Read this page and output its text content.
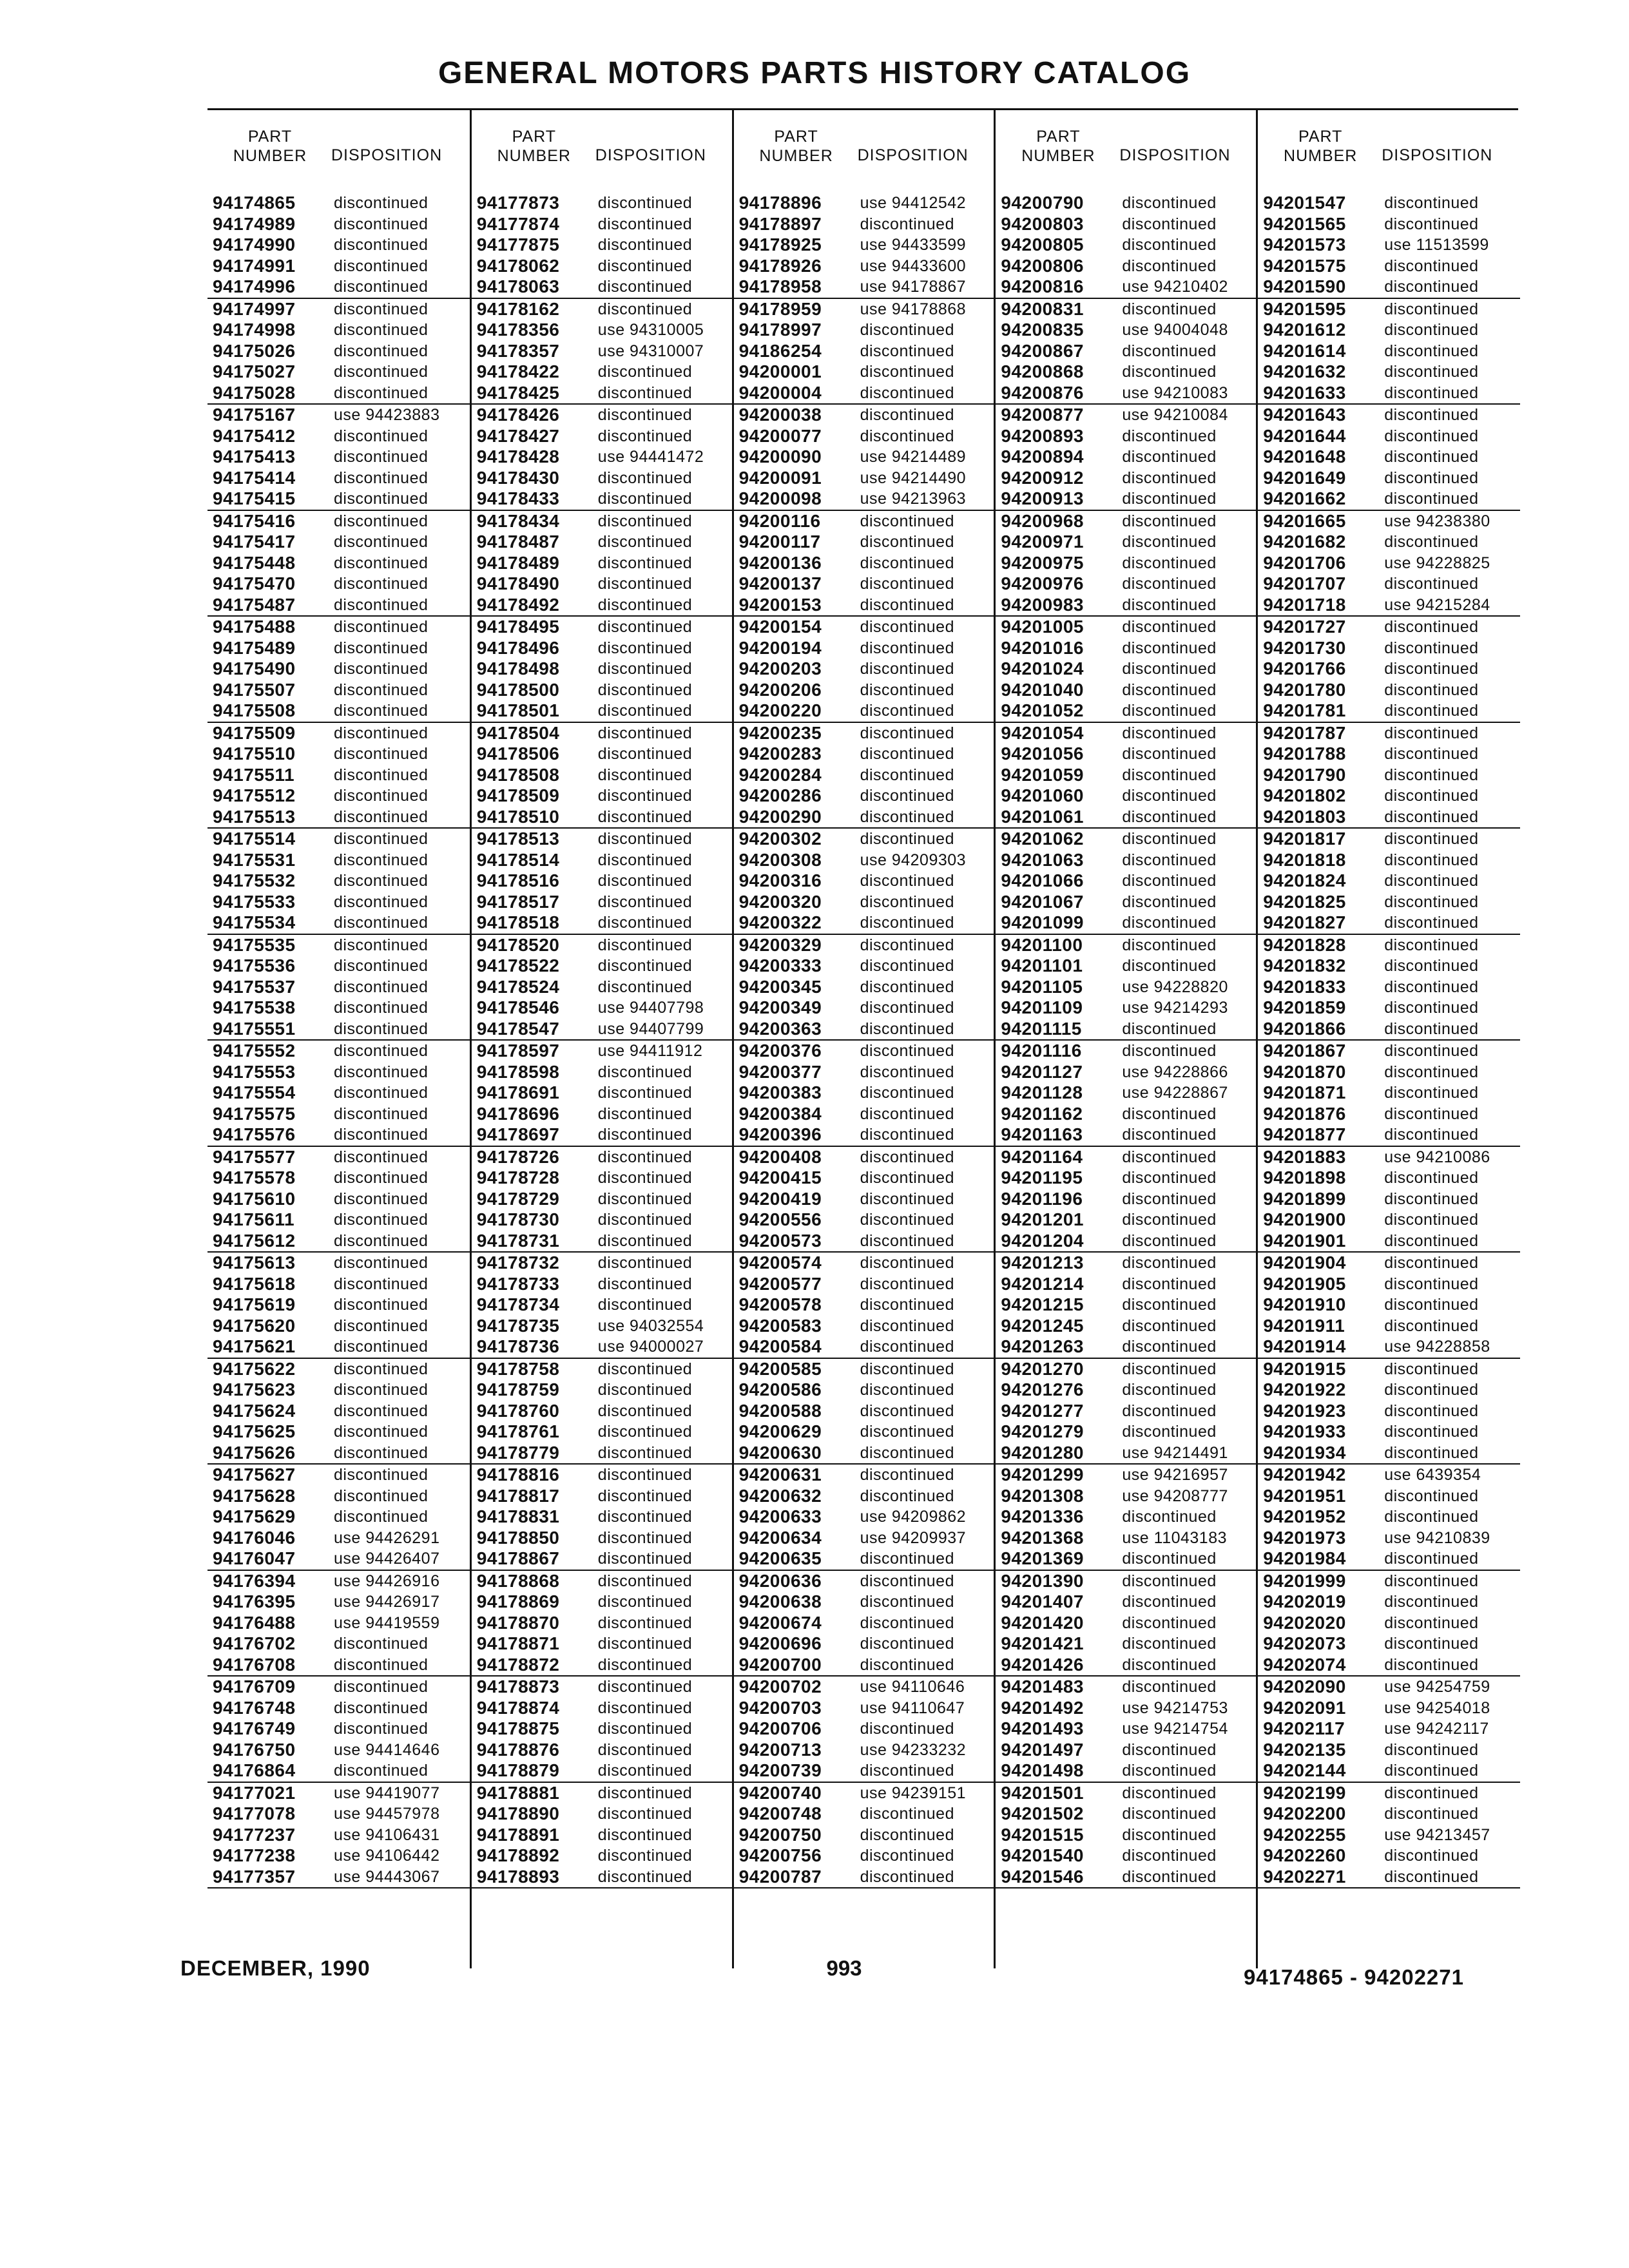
GENERAL MOTORS PARTS HISTORY CATALOG
PART
NUMBER	DISPOSITION
94174865 discontinued
94174989 discontinued
94174990 discontinued
94174991 discontinued
94174996 discontinued
94174997 discontinued
94174998 discontinued
94175026 discontinued
94175027 discontinued
94175028 discontinued
94175167 use 94423883
94175412 discontinued
94175413 discontinued
94175414 discontinued
94175415 discontinued
94175416 discontinued
94175417 discontinued
94175448 discontinued
94175470 discontinued
94175487 discontinued
94175488 discontinued
94175489 discontinued
94175490 discontinued
94175507 discontinued
94175508 discontinued
94175509 discontinued
94175510 discontinued
94175511 discontinued
94175512 discontinued
94175513 discontinued
94175514 discontinued
94175531 discontinued
94175532 discontinued
94175533 discontinued
94175534 discontinued
94175535 discontinued
94175536 discontinued
94175537 discontinued
94175538 discontinued
94175551 discontinued
94175552 discontinued
94175553 discontinued
94175554 discontinued
94175575 discontinued
94175576 discontinued
94175577 discontinued
94175578 discontinued
94175610 discontinued
94175611 discontinued
94175612 discontinued
94175613 discontinued
94175618 discontinued
94175619 discontinued
94175620 discontinued
94175621 discontinued
94175622 discontinued
94175623 discontinued
94175624 discontinued
94175625 discontinued
94175626 discontinued
94175627 discontinued
94175628 discontinued
94175629 discontinued
94176046 use 94426291
94176047 use 94426407
94176394 use 94426916
94176395 use 94426917
94176488 use 94419559
94176702 discontinued
94176708 discontinued
94176709 discontinued
94176748 discontinued
94176749 discontinued
94176750 use 94414646
94176864 discontinued
94177021 use 94419077
94177078 use 94457978
94177237 use 94106431
94177238 use 94106442
94177357 use 94443067
PART
NUMBER	DISPOSITION
94177873 discontinued
94177874 discontinued
94177875 discontinued
94178062 discontinued
94178063 discontinued
94178162 discontinued
94178356 use 94310005
94178357 use 94310007
94178422 discontinued
94178425 discontinued
94178426 discontinued
94178427 discontinued
94178428 use 94441472
94178430 discontinued
94178433 discontinued
94178434 discontinued
94178487 discontinued
94178489 discontinued
94178490 discontinued
94178492 discontinued
94178495 discontinued
94178496 discontinued
94178498 discontinued
94178500 discontinued
94178501 discontinued
94178504 discontinued
94178506 discontinued
94178508 discontinued
94178509 discontinued
94178510 discontinued
94178513 discontinued
94178514 discontinued
94178516 discontinued
94178517 discontinued
94178518 discontinued
94178520 discontinued
94178522 discontinued
94178524 discontinued
94178546 use 94407798
94178547 use 94407799
94178597 use 94411912
94178598 discontinued
94178691 discontinued
94178696 discontinued
94178697 discontinued
94178726 discontinued
94178728 discontinued
94178729 discontinued
94178730 discontinued
94178731 discontinued
94178732 discontinued
94178733 discontinued
94178734 discontinued
94178735 use 94032554
94178736 use 94000027
94178758 discontinued
94178759 discontinued
94178760 discontinued
94178761 discontinued
94178779 discontinued
94178816 discontinued
94178817 discontinued
94178831 discontinued
94178850 discontinued
94178867 discontinued
94178868 discontinued
94178869 discontinued
94178870 discontinued
94178871 discontinued
94178872 discontinued
94178873 discontinued
94178874 discontinued
94178875 discontinued
94178876 discontinued
94178879 discontinued
94178881 discontinued
94178890 discontinued
94178891 discontinued
94178892 discontinued
94178893 discontinued
PART
NUMBER	DISPOSITION
94178896 use 94412542
94178897 discontinued
94178925 use 94433599
94178926 use 94433600
94178958 use 94178867
94178959 use 94178868
94178997 discontinued
94186254 discontinued
94200001 discontinued
94200004 discontinued
94200038 discontinued
94200077 discontinued
94200090 use 94214489
94200091 use 94214490
94200098 use 94213963
94200116 discontinued
94200117 discontinued
94200136 discontinued
94200137 discontinued
94200153 discontinued
94200154 discontinued
94200194 discontinued
94200203 discontinued
94200206 discontinued
94200220 discontinued
94200235 discontinued
94200283 discontinued
94200284 discontinued
94200286 discontinued
94200290 discontinued
94200302 discontinued
94200308 use 94209303
94200316 discontinued
94200320 discontinued
94200322 discontinued
94200329 discontinued
94200333 discontinued
94200345 discontinued
94200349 discontinued
94200363 discontinued
94200376 discontinued
94200377 discontinued
94200383 discontinued
94200384 discontinued
94200396 discontinued
94200408 discontinued
94200415 discontinued
94200419 discontinued
94200556 discontinued
94200573 discontinued
94200574 discontinued
94200577 discontinued
94200578 discontinued
94200583 discontinued
94200584 discontinued
94200585 discontinued
94200586 discontinued
94200588 discontinued
94200629 discontinued
94200630 discontinued
94200631 discontinued
94200632 discontinued
94200633 use 94209862
94200634 use 94209937
94200635 discontinued
94200636 discontinued
94200638 discontinued
94200674 discontinued
94200696 discontinued
94200700 discontinued
94200702 use 94110646
94200703 use 94110647
94200706 discontinued
94200713 use 94233232
94200739 discontinued
94200740 use 94239151
94200748 discontinued
94200750 discontinued
94200756 discontinued
94200787 discontinued
PART
NUMBER	DISPOSITION
94200790 discontinued
94200803 discontinued
94200805 discontinued
94200806 discontinued
94200816 use 94210402
94200831 discontinued
94200835 use 94004048
94200867 discontinued
94200868 discontinued
94200876 use 94210083
94200877 use 94210084
94200893 discontinued
94200894 discontinued
94200912 discontinued
94200913 discontinued
94200968 discontinued
94200971 discontinued
94200975 discontinued
94200976 discontinued
94200983 discontinued
94201005 discontinued
94201016 discontinued
94201024 discontinued
94201040 discontinued
94201052 discontinued
94201054 discontinued
94201056 discontinued
94201059 discontinued
94201060 discontinued
94201061 discontinued
94201062 discontinued
94201063 discontinued
94201066 discontinued
94201067 discontinued
94201099 discontinued
94201100 discontinued
94201101 discontinued
94201105 use 94228820
94201109 use 94214293
94201115	discontinued
94201116	discontinued
94201127 use 94228866
94201128 use 94228867
94201162 discontinued
94201163 discontinued
94201164 discontinued
94201195 discontinued
94201196 discontinued
94201201 discontinued
94201204 discontinued
94201213 discontinued
94201214 discontinued
94201215 discontinued
94201245 discontinued
94201263 discontinued
94201270 discontinued
94201276 discontinued
94201277 discontinued
94201279 discontinued
94201280 use 94214491
94201299 use 94216957
94201308 use 94208777
94201336 discontinued
94201368 use 11043183
94201369 discontinued
94201390 discontinued
94201407 discontinued
94201420 discontinued
94201421 discontinued
94201426 discontinued
94201483 discontinued
94201492 use 94214753
94201493 use 94214754
94201497 discontinued
94201498 discontinued
94201501 discontinued
94201502 discontinued
94201515 discontinued
94201540 discontinued
94201546 discontinued
PART
NUMBER	DISPOSITION
94201547 discontinued
94201565 discontinued
94201573 use 11513599
94201575 discontinued
94201590 discontinued
94201595 discontinued
94201612 discontinued
94201614 discontinued
94201632 discontinued
94201633 discontinued
94201643 discontinued
94201644 discontinued
94201648 discontinued
94201649 discontinued
94201662 discontinued
94201665 use 94238380
94201682 discontinued
94201706 use 94228825
94201707 discontinued
94201718 use 94215284
94201727 discontinued
94201730 discontinued
94201766 discontinued
94201780 discontinued
94201781 discontinued
94201787 discontinued
94201788 discontinued
94201790 discontinued
94201802 discontinued
94201803 discontinued
94201817 discontinued
94201818 discontinued
94201824 discontinued
94201825 discontinued
94201827 discontinued
94201828 discontinued
94201832 discontinued
94201833 discontinued
94201859 discontinued
94201866 discontinued
94201867 discontinued
94201870 discontinued
94201871 discontinued
94201876 discontinued
94201877 discontinued
94201883 use 94210086
94201898 discontinued
94201899 discontinued
94201900 discontinued
94201901 discontinued
94201904 discontinued
94201905 discontinued
94201910 discontinued
94201911 discontinued
94201914 use 94228858
94201915 discontinued
94201922 discontinued
94201923 discontinued
94201933 discontinued
94201934 discontinued
94201942 use 6439354
94201951 discontinued
94201952 discontinued
94201973 use 94210839
94201984 discontinued
94201999 discontinued
94202019 discontinued
94202020 discontinued
94202073 discontinued
94202074 discontinued
94202090 use 94254759
94202091 use 94254018
94202117 use 94242117
94202135 discontinued
94202144 discontinued
94202199 discontinued
94202200 discontinued
94202255 use 94213457
94202260 discontinued
94202271 discontinued
DECEMBER, 1990	993	94174865 - 94202271
